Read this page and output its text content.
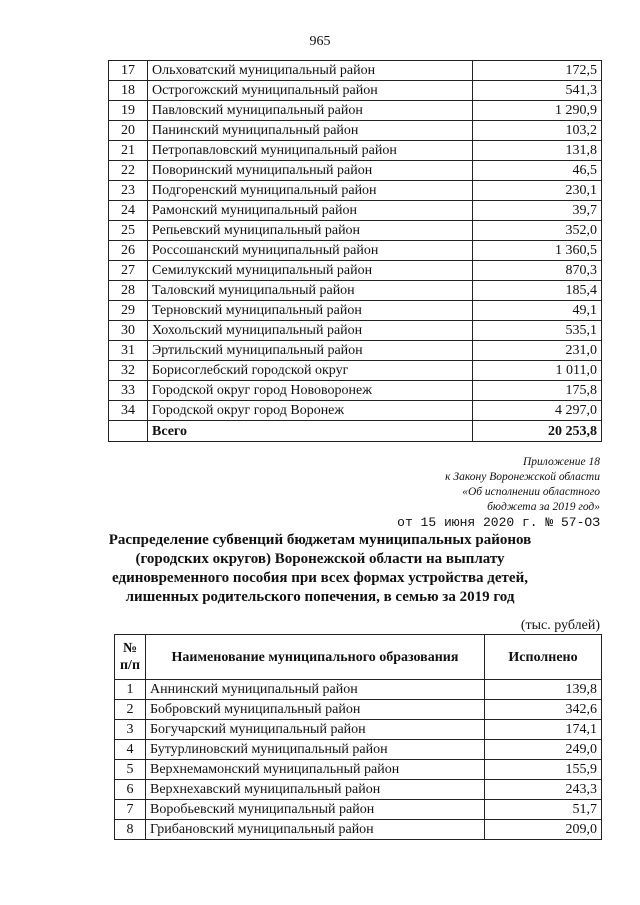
965
17	Ольховатский муниципальный район	172,5
18	Острогожский муниципальный район	541,3
19	Павловский муниципальный район	1 290,9
20	Панинский муниципальный район	103,2
21	Петропавловский муниципальный район	131,8
22	Поворинский муниципальный район	46,5
23	Подгоренский муниципальный район	230,1
24	Рамонский муниципальный район	39,7
25	Репьевский муниципальный район	352,0
26	Россошанский муниципальный район	1 360,5
27	Семилукский муниципальный район	870,3
28	Таловский муниципальный район	185,4
29	Терновский муниципальный район	49,1
30	Хохольский муниципальный район	535,1
31	Эртильский муниципальный район	231,0
32	Борисоглебский городской округ	1 011,0
33	Городской округ город Нововоронеж	175,8
34	Городской округ город Воронеж	4 297,0
	Всего	20 253,8
Приложение 18
к Закону Воронежской области
«Об исполнении областного
бюджета за 2019 год»
от 15 июня 2020 г. № 57-ОЗ
Распределение субвенций бюджетам муниципальных районов
(городских округов) Воронежской области на выплату
единовременного пособия при всех формах устройства детей,
лишенных родительского попечения, в семью за 2019 год
(тыс. рублей)
№
п/п	Наименование муниципального образования	Исполнено
1	Аннинский муниципальный район	139,8
2	Бобровский муниципальный район	342,6
3	Богучарский муниципальный район	174,1
4	Бутурлиновский муниципальный район	249,0
5	Верхнемамонский муниципальный район	155,9
6	Верхнехавский муниципальный район	243,3
7	Воробьевский муниципальный район	51,7
8	Грибановский муниципальный район	209,0
